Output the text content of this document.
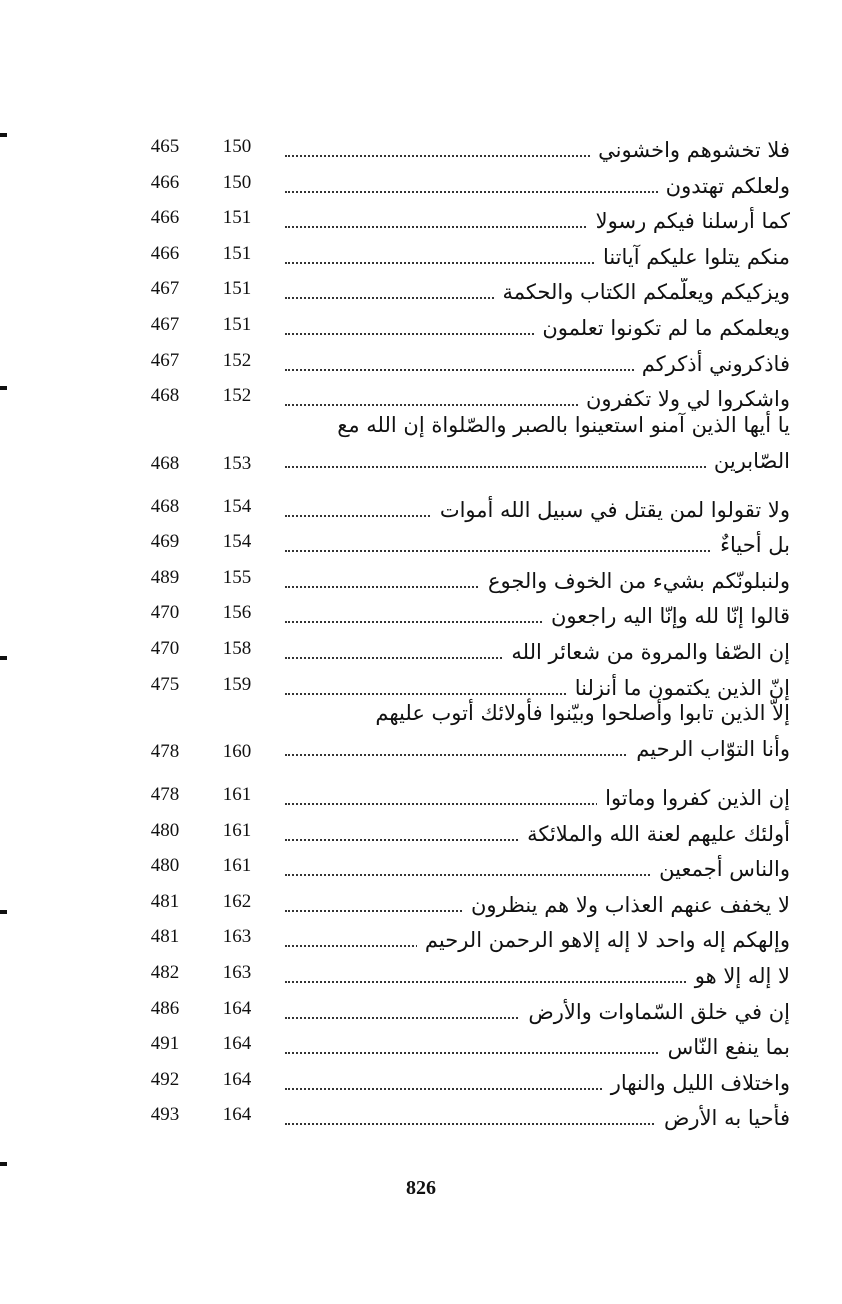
465	150	فلا تخشوهم واخشوني
466	150	ولعلكم تهتدون
466	151	كما أرسلنا فيكم رسولا
466	151	منكم يتلوا عليكم آياتنا
467	151	ويزكيكم ويعلّمكم الكتاب والحكمة
467	151	ويعلمكم ما لم تكونوا تعلمون
467	152	فاذكروني أذكركم
468	152	واشكروا لي ولا تكفرون
يا أيها الذين آمنو استعينوا بالصبر والصّلواة إن الله مع
468	153	الصّابرين
468	154	ولا تقولوا لمن يقتل في سبيل الله أموات
469	154	بل أحياءٌ
489	155	ولنبلونّكم بشيء من الخوف والجوع
470	156	قالوا إنّا لله وإنّا اليه راجعون
470	158	إن الصّفا والمروة من شعائر الله
475	159	إنّ الذين يكتمون ما أنزلنا
إلاّ الذين تابوا وأصلحوا وبيّنوا فأولائك أتوب عليهم
478	160	وأنا التوّاب الرحيم
478	161	إن الذين كفروا وماتوا
480	161	أولئك عليهم لعنة الله والملائكة
480	161	والناس أجمعين
481	162	لا يخفف عنهم العذاب ولا هم ينظرون
481	163	وإلهكم إله واحد لا إله إلاهو الرحمن الرحيم
482	163	لا إله إلا هو
486	164	إن في خلق السّماوات والأرض
491	164	بما ينفع النّاس
492	164	واختلاف الليل والنهار
493	164	فأحيا به الأرض
826
